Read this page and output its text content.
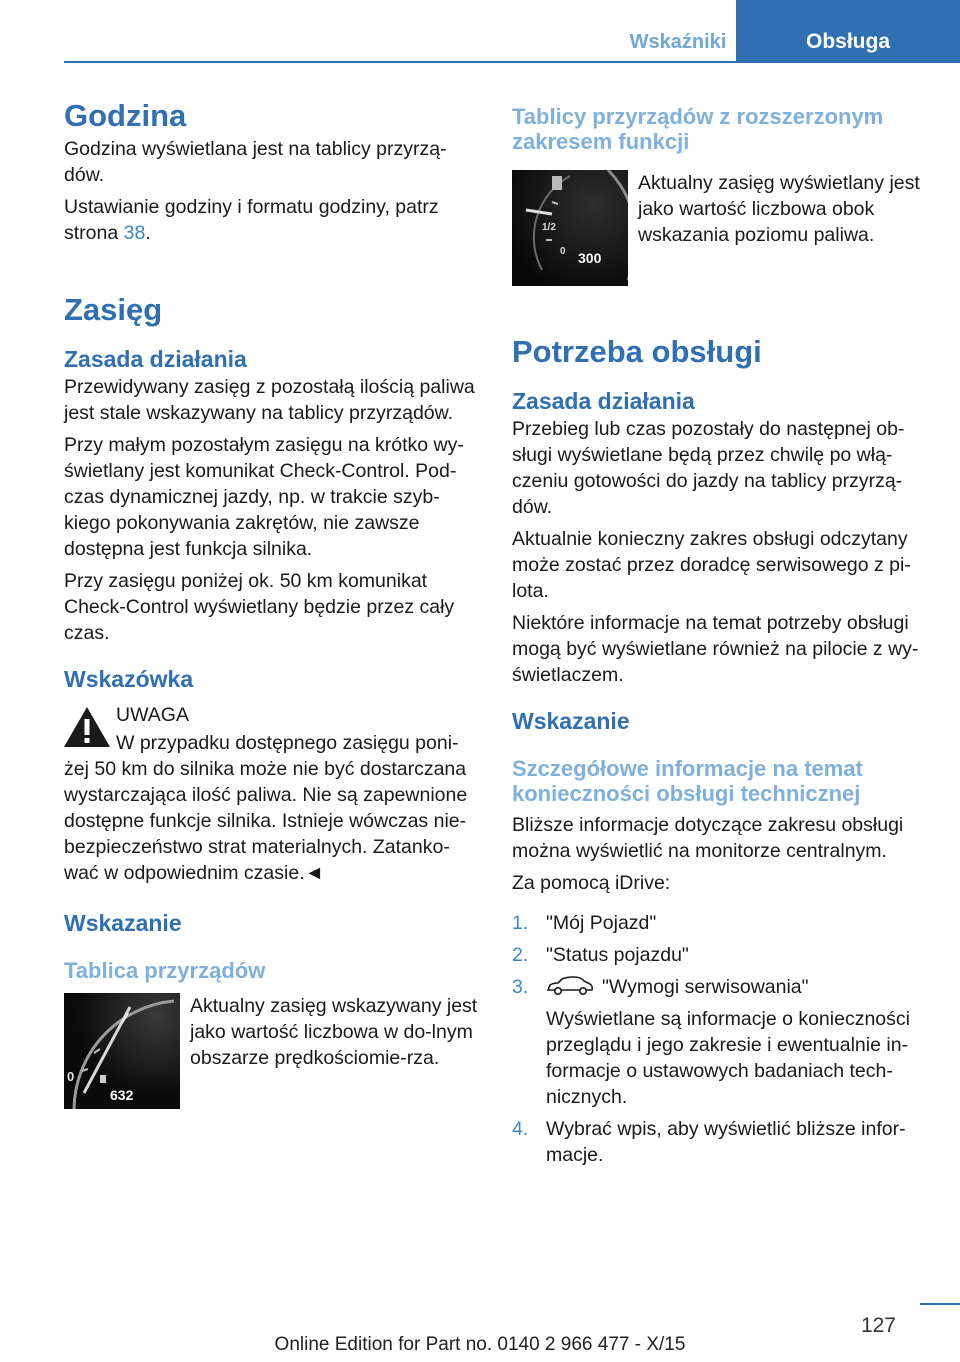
Wskaźniki	Obsługa
Godzina

Godzina wyświetlana jest na tablicy przyrzą-dów.

Ustawianie godziny i formatu godziny, patrz strona 38.

Zasięg
Zasada działania

Przewidywany zasięg z pozostałą ilością paliwa jest stale wskazywany na tablicy przyrządów.

Przy małym pozostałym zasięgu na krótko wy-świetlany jest komunikat Check-Control. Pod-czas dynamicznej jazdy, np. w trakcie szyb-kiego pokonywania zakrętów, nie zawsze dostępna jest funkcja silnika.

Przy zasięgu poniżej ok. 50 km komunikat Check-Control wyświetlany będzie przez cały czas.

Wskazówka
UWAGA
W przypadku dostępnego zasięgu poni-

żej 50 km do silnika może nie być dostarczana wystarczająca ilość paliwa. Nie są zapewnione dostępne funkcje silnika. Istnieje wówczas nie-bezpieczeństwo strat materialnych. Zatanko-wać w odpowiednim czasie.◄

Wskazanie
Tablica przyrządów
0
632
Aktualny zasięg wskazywany jest jako wartość liczbowa w do-lnym obszarze prędkościomie-rza.
Tablicy przyrządów z rozszerzonym zakresem funkcji
1/2
0 300
Aktualny zasięg wyświetlany jest jako wartość liczbowa obok wskazania poziomu paliwa.
Potrzeba obsługi
Zasada działania

Przebieg lub czas pozostały do następnej ob-sługi wyświetlane będą przez chwilę po włą-czeniu gotowości do jazdy na tablicy przyrzą-dów.

Aktualnie konieczny zakres obsługi odczytany może zostać przez doradcę serwisowego z pi-lota.

Niektóre informacje na temat potrzeby obsługi mogą być wyświetlane również na pilocie z wy-świetlaczem.

Wskazanie
Szczegółowe informacje na temat konieczności obsługi technicznej

Bliższe informacje dotyczące zakresu obsługi można wyświetlić na monitorze centralnym.

Za pomocą iDrive:

1. "Mój Pojazd"
2. "Status pojazdu"
3.	"Wymogi serwisowania"
Wyświetlane są informacje o konieczności przeglądu i jego zakresie i ewentualnie in-formacje o ustawowych badaniach tech-nicznych.
4. Wybrać wpis, aby wyświetlić bliższe infor-macje.
127
Online Edition for Part no. 0140 2 966 477 - X/15
